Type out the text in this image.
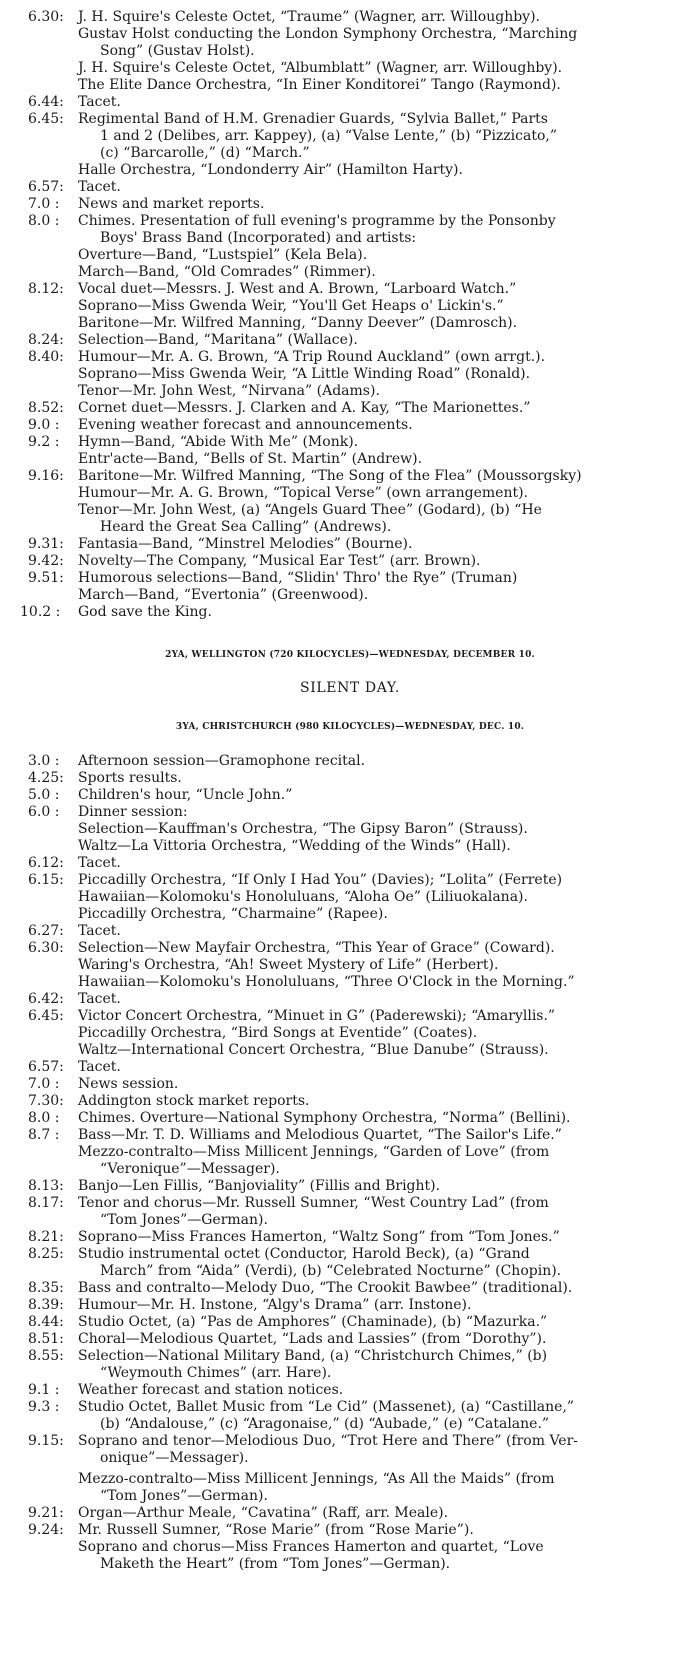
6.30:	J. H. Squire's Celeste Octet, “Traume” (Wagner, arr. Willoughby).
Gustav Holst conducting the London Symphony Orchestra, “Marching
Song” (Gustav Holst).
J. H. Squire's Celeste Octet, “Albumblatt” (Wagner, arr. Willoughby).
The Elite Dance Orchestra, “In Einer Konditorei” Tango (Raymond).
6.44:	Tacet.
6.45:	Regimental Band of H.M. Grenadier Guards, “Sylvia Ballet,” Parts
1 and 2 (Delibes, arr. Kappey), (a) “Valse Lente,” (b) “Pizzicato,”
(c) “Barcarolle,” (d) “March.”
Halle Orchestra, “Londonderry Air” (Hamilton Harty).
6.57:	Tacet.
7.0 :	News and market reports.
8.0 :	Chimes. Presentation of full evening's programme by the Ponsonby
Boys' Brass Band (Incorporated) and artists:
Overture—Band, “Lustspiel” (Kela Bela).
March—Band, “Old Comrades” (Rimmer).
8.12:	Vocal duet—Messrs. J. West and A. Brown, “Larboard Watch.”
Soprano—Miss Gwenda Weir, “You'll Get Heaps o' Lickin's.”
Baritone—Mr. Wilfred Manning, “Danny Deever” (Damrosch).
8.24:	Selection—Band, “Maritana” (Wallace).
8.40:	Humour—Mr. A. G. Brown, “A Trip Round Auckland” (own arrgt.).
Soprano—Miss Gwenda Weir, “A Little Winding Road” (Ronald).
Tenor—Mr. John West, “Nirvana” (Adams).
8.52:	Cornet duet—Messrs. J. Clarken and A. Kay, “The Marionettes.”
9.0 :	Evening weather forecast and announcements.
9.2 :	Hymn—Band, “Abide With Me” (Monk).
Entr'acte—Band, “Bells of St. Martin” (Andrew).
9.16:	Baritone—Mr. Wilfred Manning, “The Song of the Flea” (Moussorgsky)
Humour—Mr. A. G. Brown, “Topical Verse” (own arrangement).
Tenor—Mr. John West, (a) “Angels Guard Thee” (Godard), (b) “He
Heard the Great Sea Calling” (Andrews).
9.31:	Fantasia—Band, “Minstrel Melodies” (Bourne).
9.42:	Novelty—The Company, “Musical Ear Test” (arr. Brown).
9.51:	Humorous selections—Band, “Slidin' Thro' the Rye” (Truman)
March—Band, “Evertonia” (Greenwood).
10.2 :	God save the King.
2YA, WELLINGTON (720 KILOCYCLES)—WEDNESDAY, DECEMBER 10.
SILENT DAY.
3YA, CHRISTCHURCH (980 KILOCYCLES)—WEDNESDAY, DEC. 10.
3.0 :	Afternoon session—Gramophone recital.
4.25:	Sports results.
5.0 :	Children's hour, “Uncle John.”
6.0 :	Dinner session:
Selection—Kauffman's Orchestra, “The Gipsy Baron” (Strauss).
Waltz—La Vittoria Orchestra, “Wedding of the Winds” (Hall).
6.12:	Tacet.
6.15:	Piccadilly Orchestra, “If Only I Had You” (Davies); “Lolita” (Ferrete)
Hawaiian—Kolomoku's Honoluluans, “Aloha Oe” (Liliuokalana).
Piccadilly Orchestra, “Charmaine” (Rapee).
6.27:	Tacet.
6.30:	Selection—New Mayfair Orchestra, “This Year of Grace” (Coward).
Waring's Orchestra, “Ah! Sweet Mystery of Life” (Herbert).
Hawaiian—Kolomoku's Honoluluans, “Three O'Clock in the Morning.”
6.42:	Tacet.
6.45:	Victor Concert Orchestra, “Minuet in G” (Paderewski); “Amaryllis.”
Piccadilly Orchestra, “Bird Songs at Eventide” (Coates).
Waltz—International Concert Orchestra, “Blue Danube” (Strauss).
6.57:	Tacet.
7.0 :	News session.
7.30:	Addington stock market reports.
8.0 :	Chimes. Overture—National Symphony Orchestra, “Norma” (Bellini).
8.7 :	Bass—Mr. T. D. Williams and Melodious Quartet, “The Sailor's Life.”
Mezzo-contralto—Miss Millicent Jennings, “Garden of Love” (from
“Veronique”—Messager).
8.13:	Banjo—Len Fillis, “Banjoviality” (Fillis and Bright).
8.17:	Tenor and chorus—Mr. Russell Sumner, “West Country Lad” (from
“Tom Jones”—German).
8.21:	Soprano—Miss Frances Hamerton, “Waltz Song” from “Tom Jones.”
8.25:	Studio instrumental octet (Conductor, Harold Beck), (a) “Grand
March” from “Aida” (Verdi), (b) “Celebrated Nocturne” (Chopin).
8.35:	Bass and contralto—Melody Duo, “The Crookit Bawbee” (traditional).
8.39:	Humour—Mr. H. Instone, “Algy's Drama” (arr. Instone).
8.44:	Studio Octet, (a) “Pas de Amphores” (Chaminade), (b) “Mazurka.”
8.51:	Choral—Melodious Quartet, “Lads and Lassies” (from “Dorothy”).
8.55:	Selection—National Military Band, (a) “Christchurch Chimes,” (b)
“Weymouth Chimes” (arr. Hare).
9.1 :	Weather forecast and station notices.
9.3 :	Studio Octet, Ballet Music from “Le Cid” (Massenet), (a) “Castillane,”
(b) “Andalouse,” (c) “Aragonaise,” (d) “Aubade,” (e) “Catalane.”
9.15:	Soprano and tenor—Melodious Duo, “Trot Here and There” (from Ver-
onique”—Messager).
Mezzo-contralto—Miss Millicent Jennings, “As All the Maids” (from
“Tom Jones”—German).
9.21:	Organ—Arthur Meale, “Cavatina” (Raff, arr. Meale).
9.24:	Mr. Russell Sumner, “Rose Marie” (from “Rose Marie”).
Soprano and chorus—Miss Frances Hamerton and quartet, “Love
Maketh the Heart” (from “Tom Jones”—German).
